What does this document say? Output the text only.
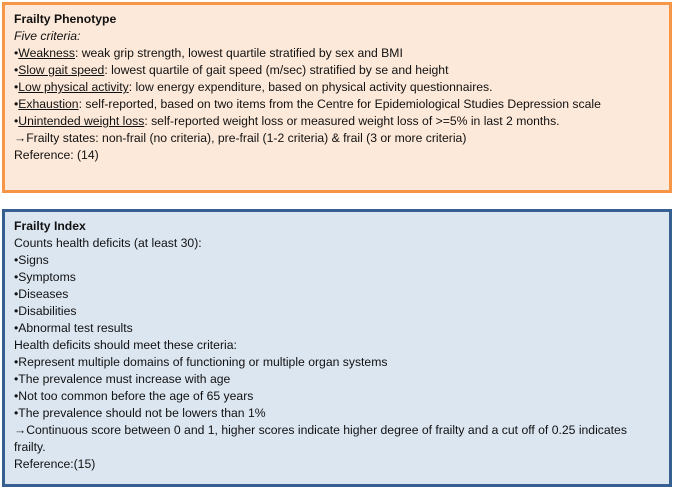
Frailty Phenotype
Five criteria:
•Weakness: weak grip strength, lowest quartile stratified by sex and BMI
•Slow gait speed: lowest quartile of gait speed (m/sec) stratified by se and height
•Low physical activity: low energy expenditure, based on physical activity questionnaires.
•Exhaustion: self-reported, based on two items from the Centre for Epidemiological Studies Depression scale
•Unintended weight loss: self-reported weight loss or measured weight loss of >=5% in last 2 months.
→Frailty states: non-frail (no criteria), pre-frail (1-2 criteria) & frail (3 or more criteria)
Reference: (14)
Frailty Index
Counts health deficits (at least 30):
•Signs
•Symptoms
•Diseases
•Disabilities
•Abnormal test results
Health deficits should meet these criteria:
•Represent multiple domains of functioning or multiple organ systems
•The prevalence must increase with age
•Not too common before the age of 65 years
•The prevalence should not be lowers than 1%
→Continuous score between 0 and 1, higher scores indicate higher degree of frailty and a cut off of 0.25 indicates frailty.
Reference:(15)
